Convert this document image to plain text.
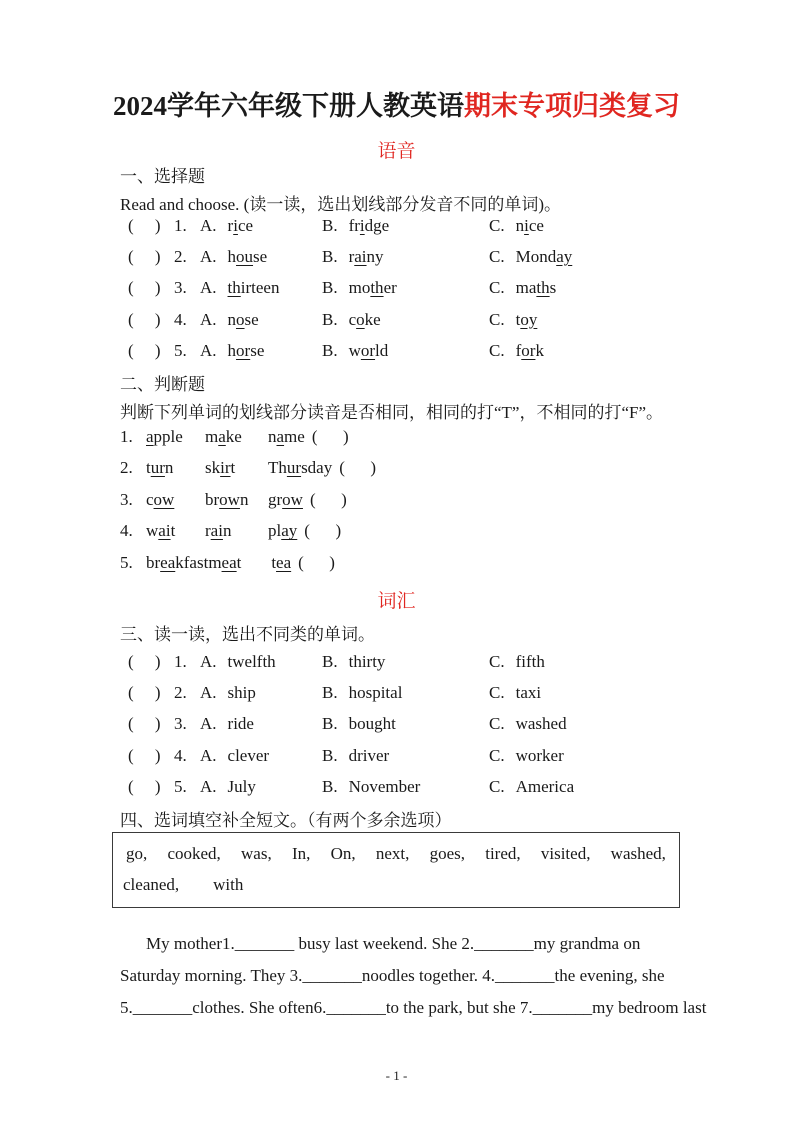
2024学年六年级下册人教英语期末专项归类复习
语音
一、选择题
Read and choose. (读一读，选出划线部分发音不同的单词)。
(     ) 1. A. rice	B. fridge	C. nice
(     ) 2. A. house	B. rainy	C. Monday
(     ) 3. A. thirteen	B. mother	C. maths
(     ) 4. A. nose	B. coke	C. toy
(     ) 5. A. horse	B. world	C. fork
二、判断题
判断下列单词的划线部分读音是否相同，相同的打“T”，不相同的打“F”。
1. apple	make	name (      )
2. turn	skirt	Thursday (      )
3. cow	brown	grow (      )
4. wait	rain	play (      )
5. breakfast meat	tea (      )
词汇
三、读一读，选出不同类的单词。
(     ) 1. A. twelfth	B. thirty	C. fifth
(     ) 2. A. ship	B. hospital	C. taxi
(     ) 3. A. ride	B. bought	C. washed
(     ) 4. A. clever	B. driver	C. worker
(     ) 5. A. July	B. November	C. America
四、选词填空补全短文。（有两个多余选项）
go, cooked, was, In, On, next, goes, tired, visited, washed,
cleaned, with
My mother1._______ busy last weekend. She 2._______my grandma on
Saturday morning. They 3._______noodles together. 4._______the evening, she
5._______clothes. She often6._______to the park, but she 7._______my bedroom last
- 1 -
